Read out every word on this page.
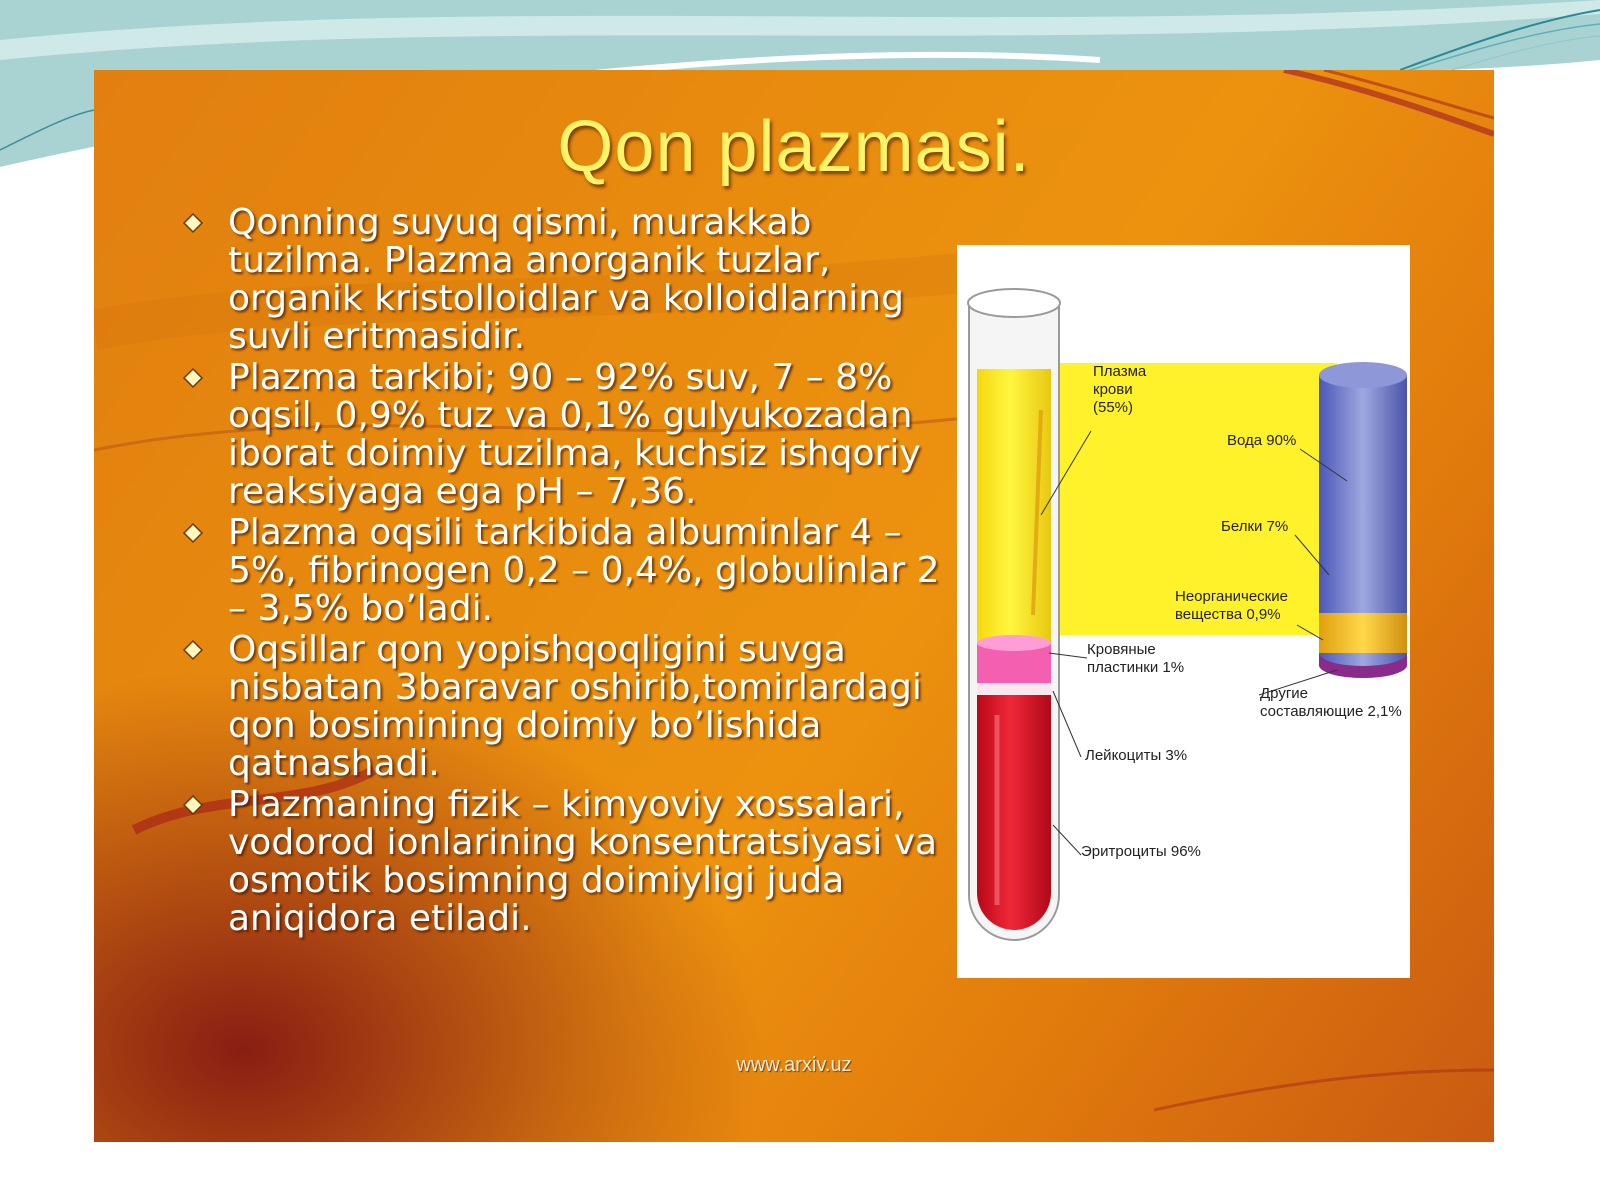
Qon plazmasi.
Qonning suyuq qismi, murakkab tuzilma. Plazma anorganik tuzlar, organik kristolloidlar va kolloidlarning suvli eritmasidir.
Plazma tarkibi; 90 – 92% suv, 7 – 8% oqsil, 0,9% tuz va 0,1% gulyukozadan iborat doimiy tuzilma, kuchsiz ishqoriy reaksiyaga ega pH – 7,36.
Plazma oqsili tarkibida albuminlar 4 – 5%, fibrinogen 0,2 – 0,4%, globulinlar 2 – 3,5% bo’ladi.
Oqsillar qon yopishqoqligini suvga nisbatan 3baravar oshirib,tomirlardagi qon bosimining doimiy bo’lishida qatnashadi.
Plazmaning fizik – kimyoviy xossalari, vodorod ionlarining konsentratsiyasi va osmotik bosimning doimiyligi juda aniqidora etiladi.
www.arxiv.uz
Плазма
крови
(55%)
Вода 90%
Белки 7%
Неорганические
вещества 0,9%
Кровяные
пластинки 1%
Другие
составляющие 2,1%
Лейкоциты 3%
Эритроциты 96%
